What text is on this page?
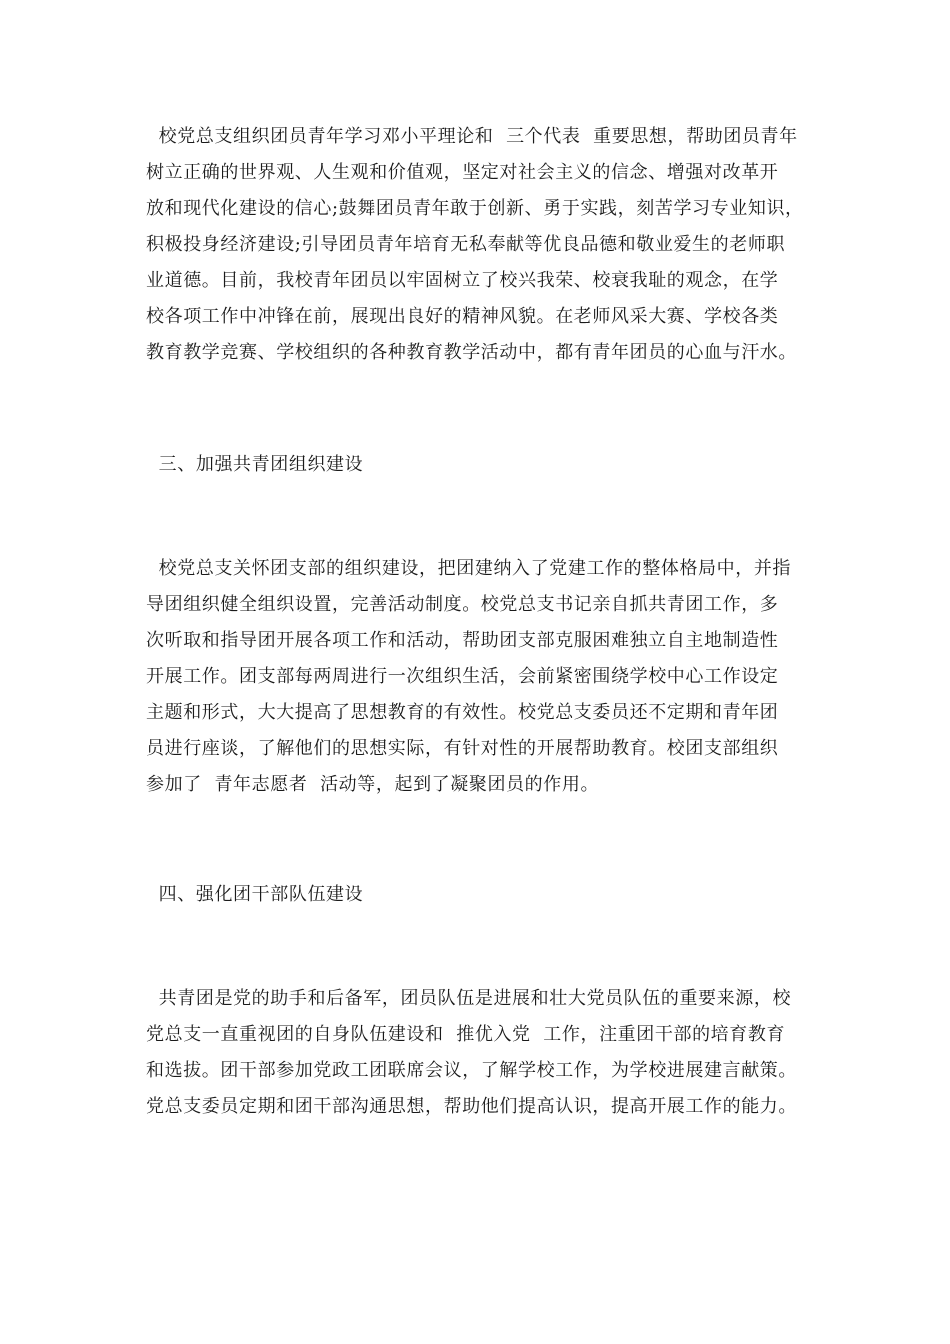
校党总支组织团员青年学习邓小平理论和  三个代表  重要思想，帮助团员青年
树立正确的世界观、人生观和价值观，坚定对社会主义的信念、增强对改革开
放和现代化建设的信心;鼓舞团员青年敢于创新、勇于实践，刻苦学习专业知识，
积极投身经济建设;引导团员青年培育无私奉献等优良品德和敬业爱生的老师职
业道德。目前，我校青年团员以牢固树立了校兴我荣、校衰我耻的观念，在学
校各项工作中冲锋在前，展现出良好的精神风貌。在老师风采大赛、学校各类
教育教学竞赛、学校组织的各种教育教学活动中，都有青年团员的心血与汗水。
三、加强共青团组织建设
校党总支关怀团支部的组织建设，把团建纳入了党建工作的整体格局中，并指
导团组织健全组织设置，完善活动制度。校党总支书记亲自抓共青团工作，多
次听取和指导团开展各项工作和活动，帮助团支部克服困难独立自主地制造性
开展工作。团支部每两周进行一次组织生活，会前紧密围绕学校中心工作设定
主题和形式，大大提高了思想教育的有效性。校党总支委员还不定期和青年团
员进行座谈，了解他们的思想实际，有针对性的开展帮助教育。校团支部组织
参加了  青年志愿者  活动等，起到了凝聚团员的作用。
四、强化团干部队伍建设
共青团是党的助手和后备军，团员队伍是进展和壮大党员队伍的重要来源，校
党总支一直重视团的自身队伍建设和  推优入党  工作，注重团干部的培育教育
和选拔。团干部参加党政工团联席会议，了解学校工作，为学校进展建言献策。
党总支委员定期和团干部沟通思想，帮助他们提高认识，提高开展工作的能力。
